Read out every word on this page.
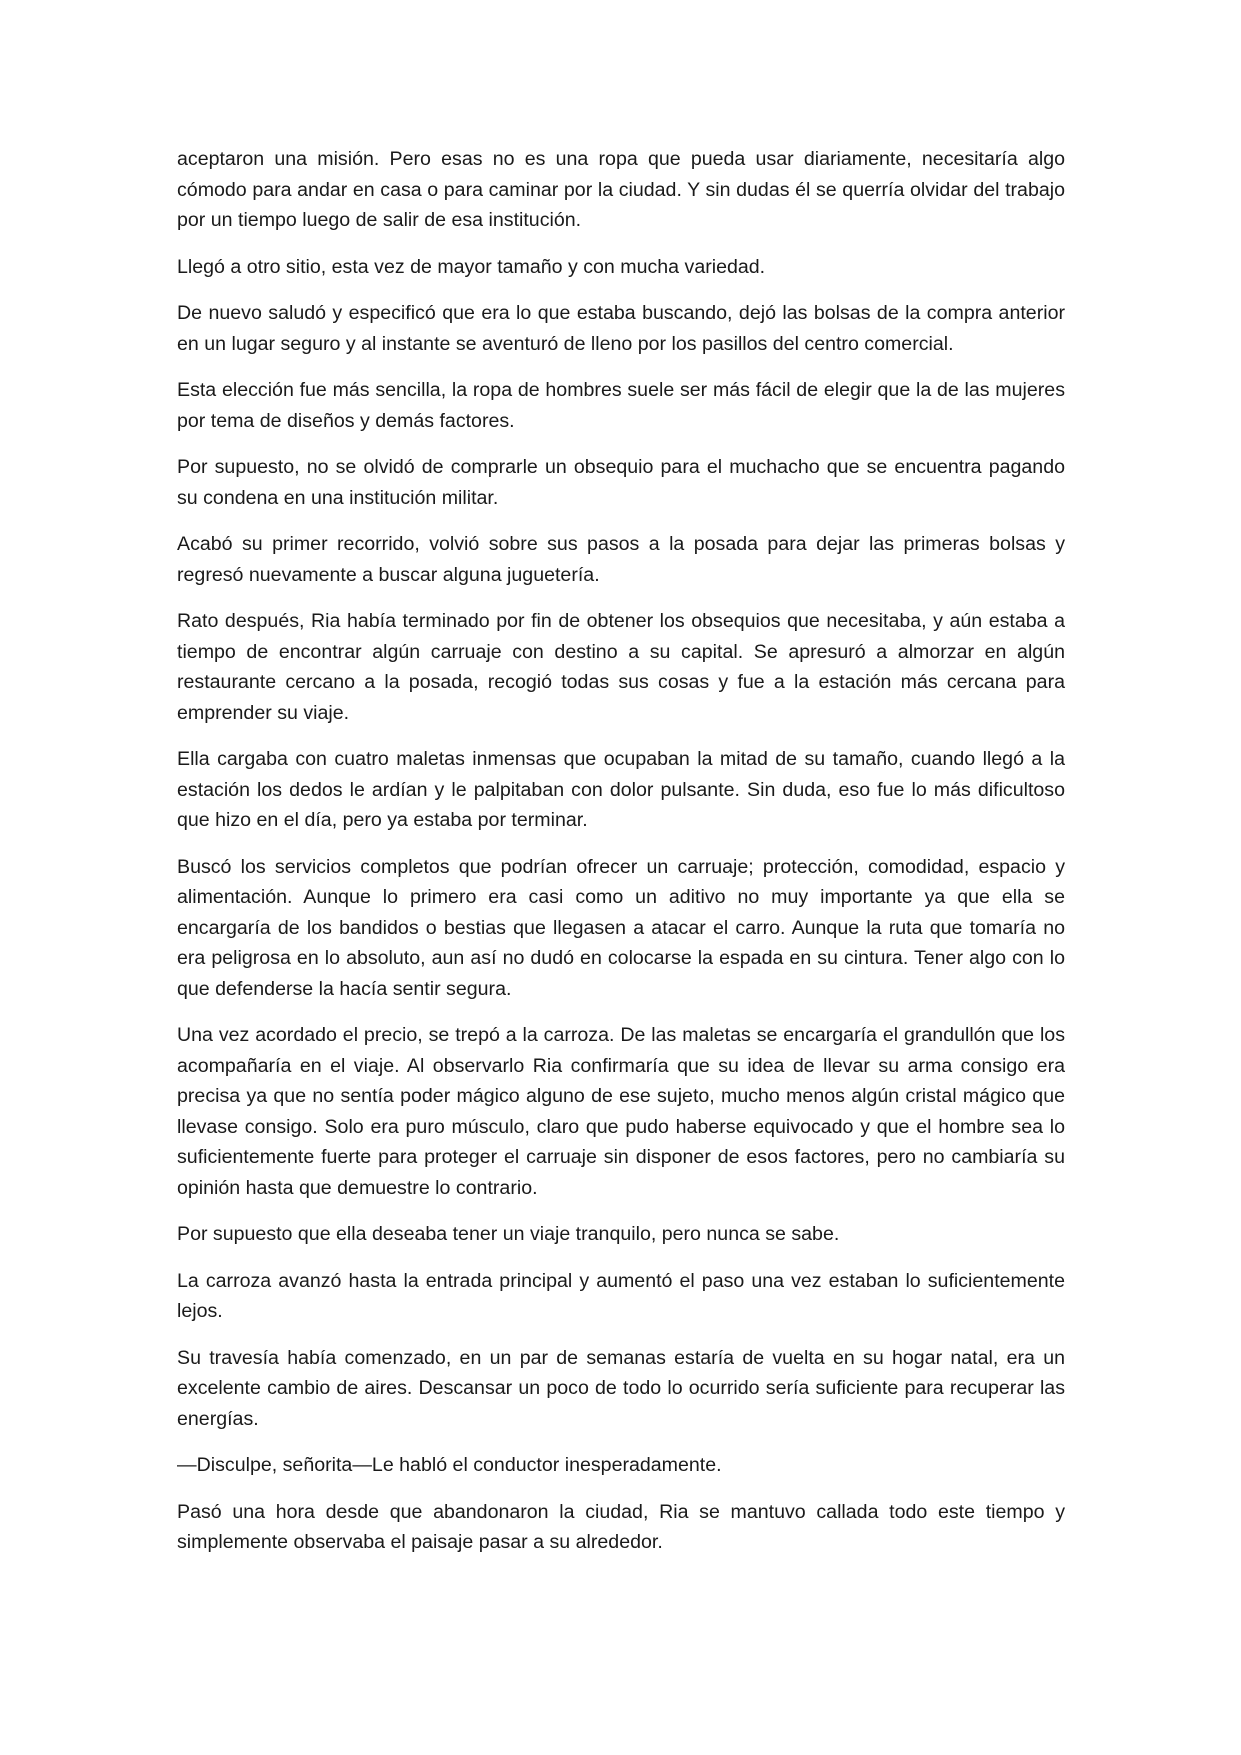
aceptaron una misión. Pero esas no es una ropa que pueda usar diariamente, necesitaría algo cómodo para andar en casa o para caminar por la ciudad. Y sin dudas él se querría olvidar del trabajo por un tiempo luego de salir de esa institución.

Llegó a otro sitio, esta vez de mayor tamaño y con mucha variedad.

De nuevo saludó y especificó que era lo que estaba buscando, dejó las bolsas de la compra anterior en un lugar seguro y al instante se aventuró de lleno por los pasillos del centro comercial.

Esta elección fue más sencilla, la ropa de hombres suele ser más fácil de elegir que la de las mujeres por tema de diseños y demás factores.

Por supuesto, no se olvidó de comprarle un obsequio para el muchacho que se encuentra pagando su condena en una institución militar.

Acabó su primer recorrido, volvió sobre sus pasos a la posada para dejar las primeras bolsas y regresó nuevamente a buscar alguna juguetería.

Rato después, Ria había terminado por fin de obtener los obsequios que necesitaba, y aún estaba a tiempo de encontrar algún carruaje con destino a su capital. Se apresuró a almorzar en algún restaurante cercano a la posada, recogió todas sus cosas y fue a la estación más cercana para emprender su viaje.

Ella cargaba con cuatro maletas inmensas que ocupaban la mitad de su tamaño, cuando llegó a la estación los dedos le ardían y le palpitaban con dolor pulsante. Sin duda, eso fue lo más dificultoso que hizo en el día, pero ya estaba por terminar.

Buscó los servicios completos que podrían ofrecer un carruaje; protección, comodidad, espacio y alimentación. Aunque lo primero era casi como un aditivo no muy importante ya que ella se encargaría de los bandidos o bestias que llegasen a atacar el carro. Aunque la ruta que tomaría no era peligrosa en lo absoluto, aun así no dudó en colocarse la espada en su cintura. Tener algo con lo que defenderse la hacía sentir segura.

Una vez acordado el precio, se trepó a la carroza. De las maletas se encargaría el grandullón que los acompañaría en el viaje. Al observarlo Ria confirmaría que su idea de llevar su arma consigo era precisa ya que no sentía poder mágico alguno de ese sujeto, mucho menos algún cristal mágico que llevase consigo. Solo era puro músculo, claro que pudo haberse equivocado y que el hombre sea lo suficientemente fuerte para proteger el carruaje sin disponer de esos factores, pero no cambiaría su opinión hasta que demuestre lo contrario.

Por supuesto que ella deseaba tener un viaje tranquilo, pero nunca se sabe.

La carroza avanzó hasta la entrada principal y aumentó el paso una vez estaban lo suficientemente lejos.

Su travesía había comenzado, en un par de semanas estaría de vuelta en su hogar natal, era un excelente cambio de aires. Descansar un poco de todo lo ocurrido sería suficiente para recuperar las energías.

—Disculpe, señorita—Le habló el conductor inesperadamente.

Pasó una hora desde que abandonaron la ciudad, Ria se mantuvo callada todo este tiempo y simplemente observaba el paisaje pasar a su alrededor.
